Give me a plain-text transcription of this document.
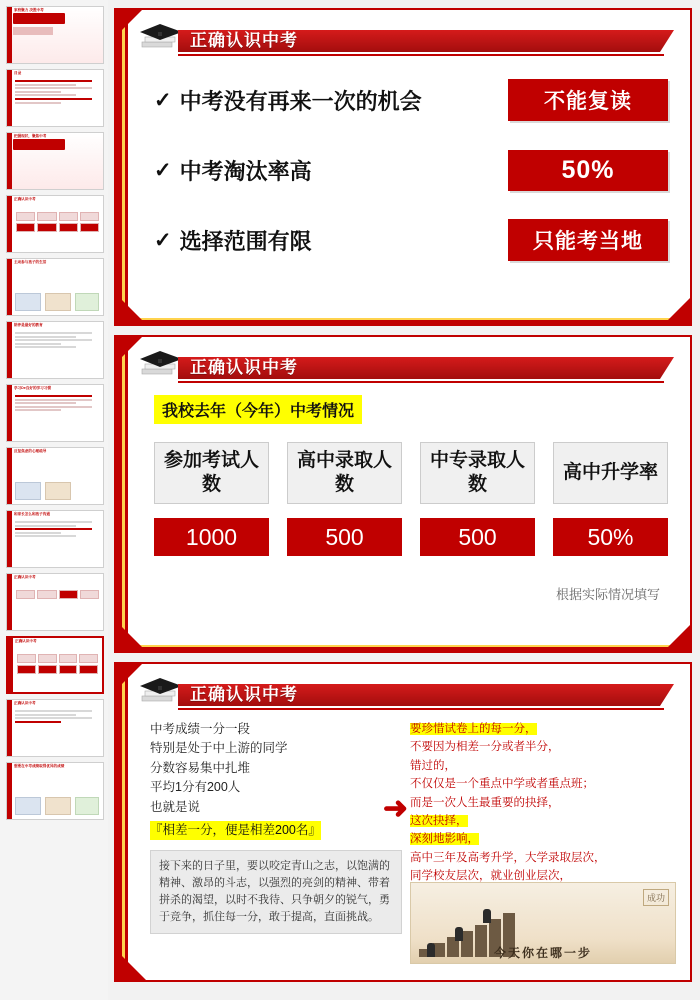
家校聚力 决胜中考
目录
把握现状，聚焦中考
正确认识中考
主动参与孩子的生活
陪伴是最好的教育
学习De良好的学习习惯
反复焦虑的心理疏导
和家长怎么和孩子沟通
正确认识中考
正确认识中考
正确认识中考
想要在中考成绩取得优异的成绩
正确认识中考
✓ 中考没有再来一次的机会	不能复读
✓ 中考淘汰率高	50%
✓ 选择范围有限	只能考当地
正确认识中考
我校去年（今年）中考情况
参加考试人数
1000
高中录取人数
500
中专录取人数
500
高中升学率
50%
根据实际情况填写
正确认识中考
中考成绩一分一段
特别是处于中上游的同学
分数容易集中扎堆
平均1分有200人
也就是说
『相差一分，便是相差200名』
接下来的日子里，要以咬定青山之志，以饱满的精神、激昂的斗志，以强烈的亮剑的精神、带着拼杀的渴望，以时不我待、只争朝夕的锐气，勇于竞争，抓住每一分，敢于提高，直面挑战。
➜
要珍惜试卷上的每一分，
不要因为相差一分或者半分，
错过的，
不仅仅是一个重点中学或者重点班；
而是一次人生最重要的抉择，
这次抉择，
深刻地影响，
高中三年及高考升学，大学录取层次，
同学校友层次，就业创业层次，

成功
今天你在哪一步
